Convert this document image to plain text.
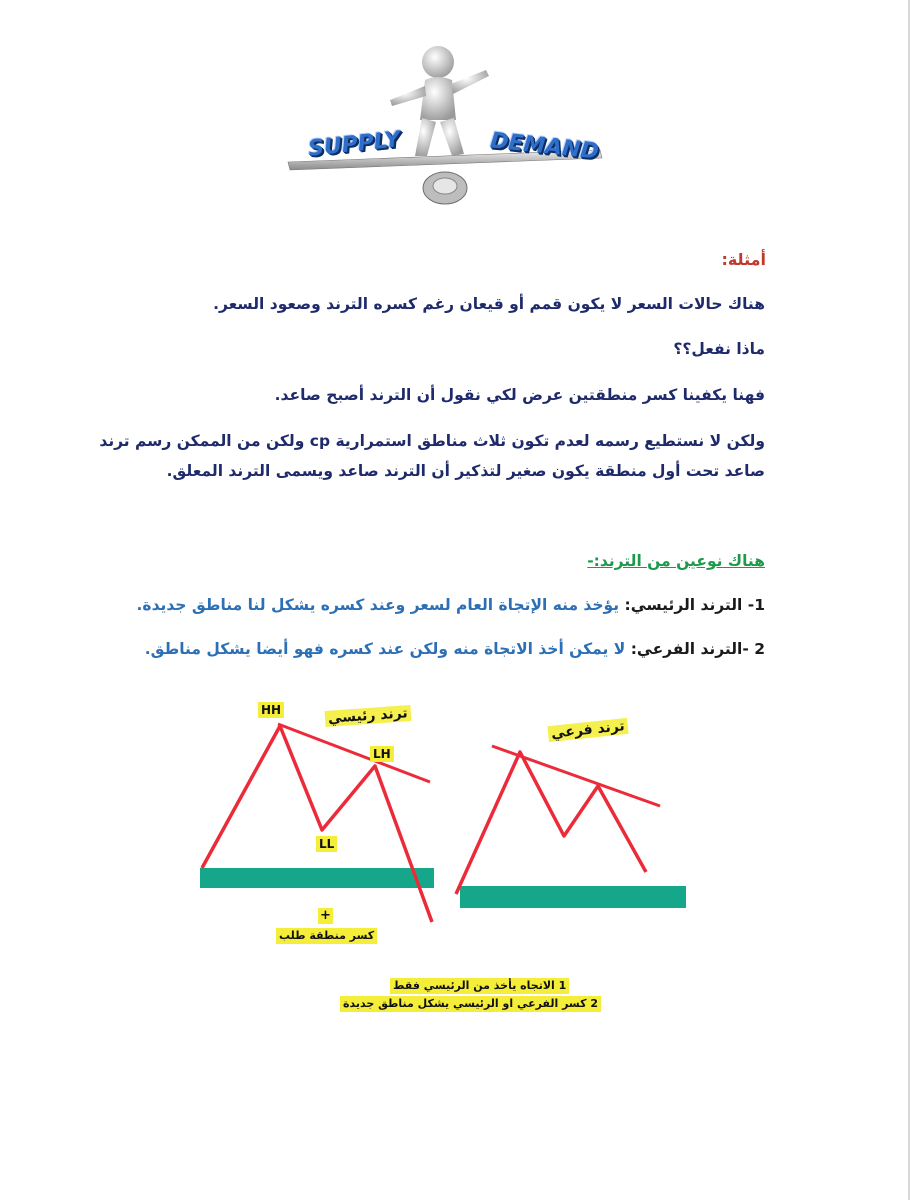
SUPPLY	DEMAND
أمثلة:
هناك حالات السعر لا يكون قمم أو قيعان رغم كسره الترند وصعود السعر.
ماذا نفعل؟؟
فهنا يكفينا كسر منطقتين عرض لكي نقول أن الترند أصبح صاعد.
ولكن لا نستطيع رسمه لعدم تكون ثلاث مناطق استمرارية cp ولكن من الممكن رسم ترند
صاعد تحت أول منطقة يكون صغير لتذكير أن الترند صاعد ويسمى الترند المعلق.
هناك نوعين من الترند:-
1- الترند الرئيسي: يؤخذ منه الإتجاة العام لسعر وعند كسره يشكل لنا مناطق جديدة.
2 -الترند الفرعي: لا يمكن أخذ الاتجاة منه ولكن عند كسره فهو أيضا يشكل مناطق.
HH
LH
LL
ترند رئيسي
ترند فرعي
+
كسر منطقة طلب
1 الاتجاه يأخذ من الرئيسي فقط
2 كسر الفرعي او الرئيسي يشكل مناطق جديدة
